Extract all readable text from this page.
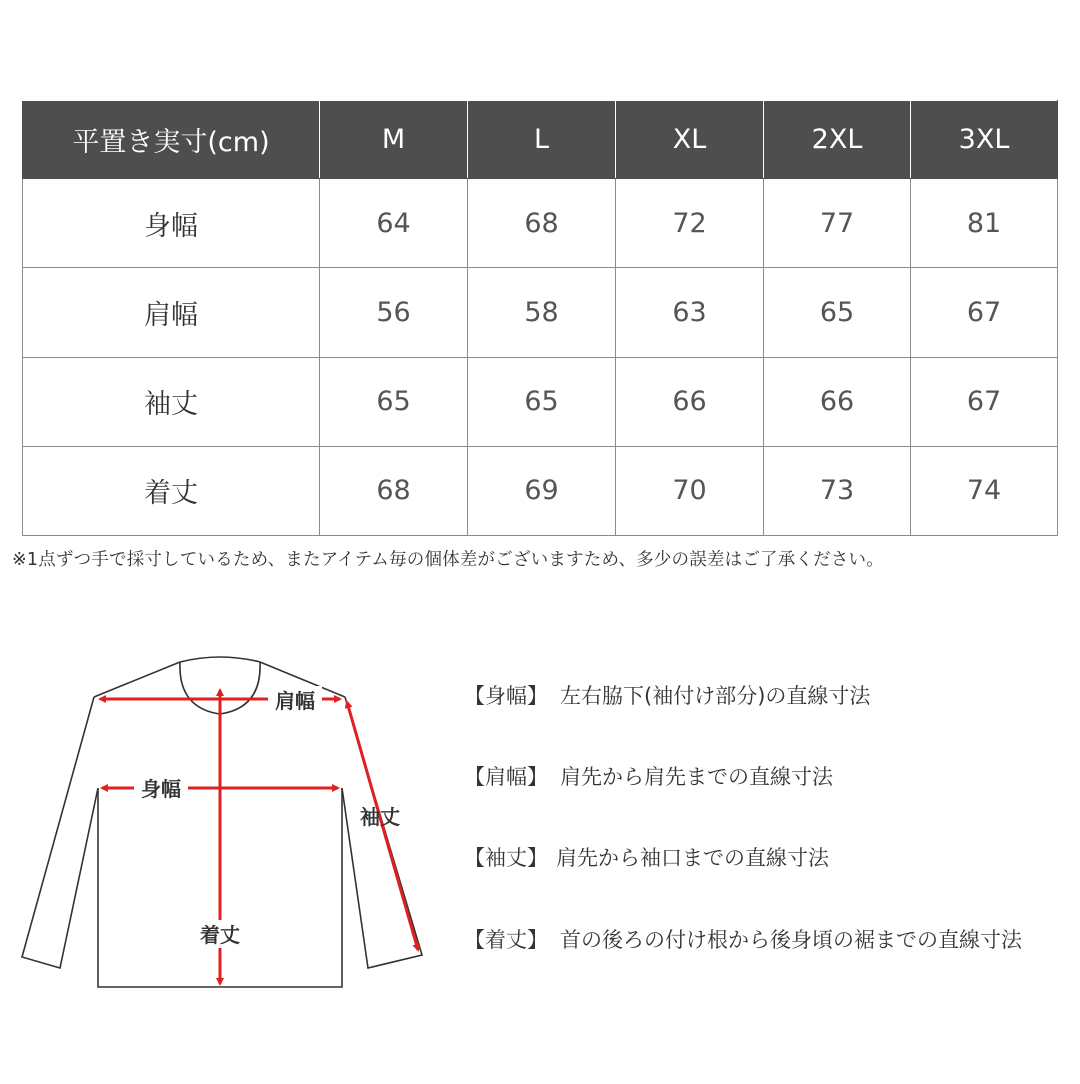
平置き実寸(cm)	M	L	XL	2XL	3XL
身幅	64	68	72	77	81
肩幅	56	58	63	65	67
袖丈	65	65	66	66	67
着丈	68	69	70	73	74
※1点ずつ手で採寸しているため、またアイテム毎の個体差がございますため、多少の誤差はご了承ください。
肩幅
身幅
袖丈
着丈
【身幅】 左右脇下(袖付け部分)の直線寸法
【肩幅】 肩先から肩先までの直線寸法
【袖丈】 肩先から袖口までの直線寸法
【着丈】 首の後ろの付け根から後身頃の裾までの直線寸法
